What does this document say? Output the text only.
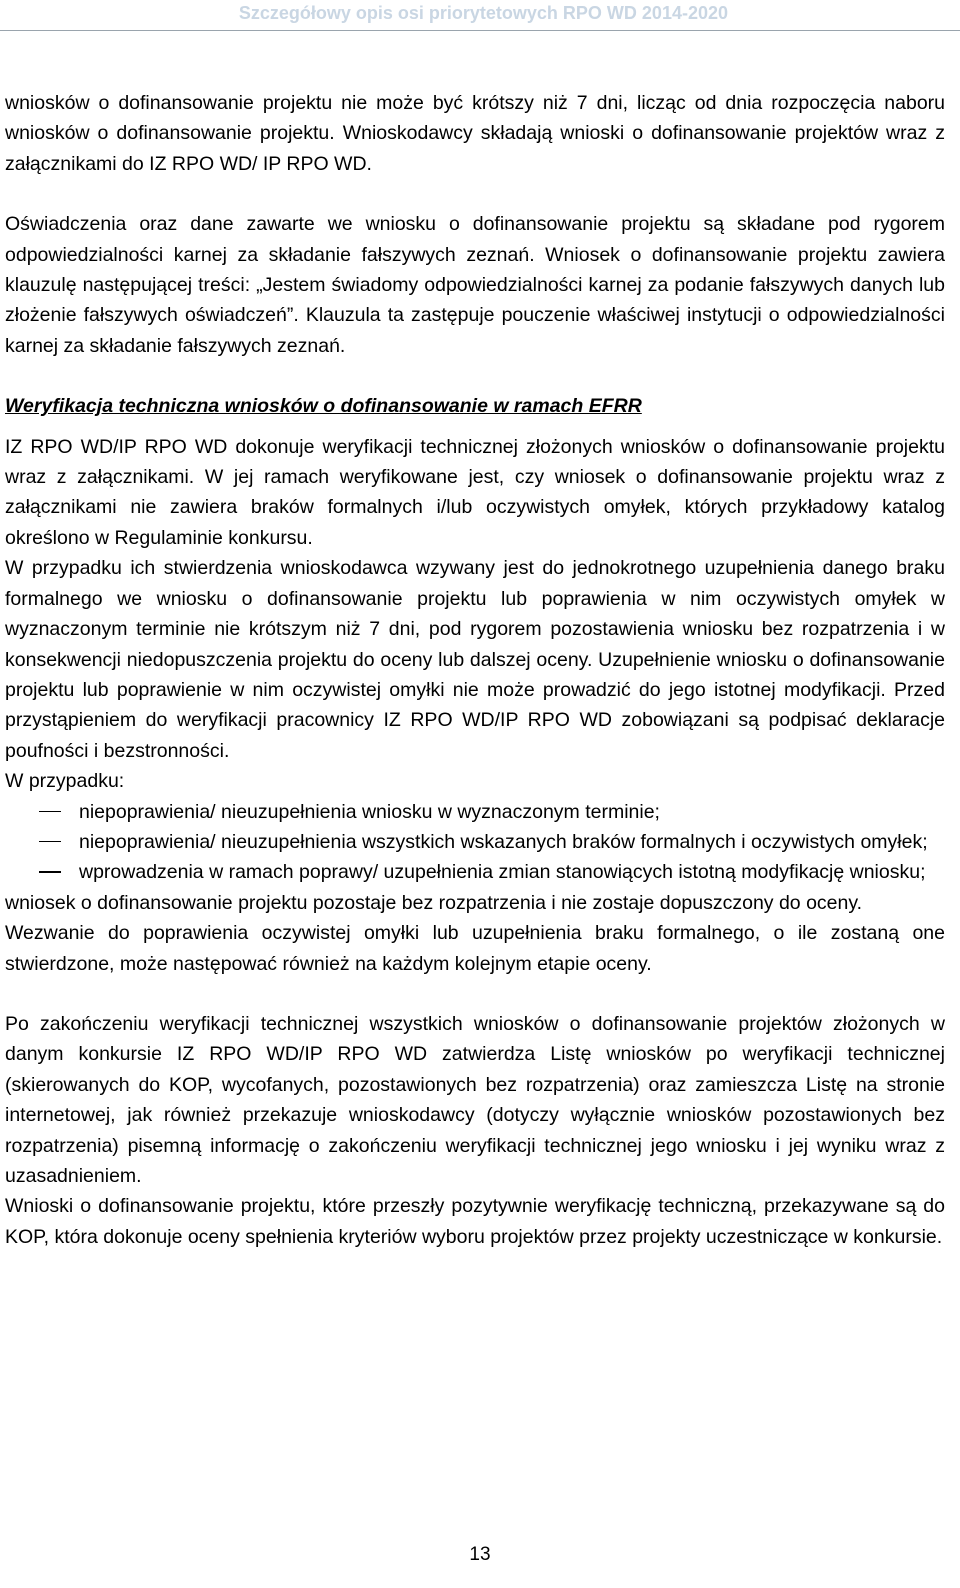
Szczegółowy opis osi priorytetowych RPO WD 2014-2020

wniosków o dofinansowanie projektu nie może być krótszy niż 7 dni, licząc od dnia rozpoczęcia naboru wniosków o dofinansowanie projektu. Wnioskodawcy składają wnioski o dofinansowanie projektów wraz z załącznikami do IZ RPO WD/ IP RPO WD.

Oświadczenia oraz dane zawarte we wniosku o dofinansowanie projektu są składane pod rygorem odpowiedzialności karnej za składanie fałszywych zeznań. Wniosek o dofinansowanie projektu zawiera klauzulę następującej treści: „Jestem świadomy odpowiedzialności karnej za podanie fałszywych danych lub złożenie fałszywych oświadczeń”. Klauzula ta zastępuje pouczenie właściwej instytucji o odpowiedzialności karnej za składanie fałszywych zeznań.

Weryfikacja techniczna wniosków o dofinansowanie w ramach EFRR

IZ RPO WD/IP RPO WD dokonuje weryfikacji technicznej złożonych wniosków o dofinansowanie projektu wraz z załącznikami. W jej ramach weryfikowane jest, czy wniosek o dofinansowanie projektu wraz z załącznikami nie zawiera braków formalnych i/lub oczywistych omyłek, których przykładowy katalog określono w Regulaminie konkursu.

W przypadku ich stwierdzenia wnioskodawca wzywany jest do jednokrotnego uzupełnienia danego braku formalnego we wniosku o dofinansowanie projektu lub poprawienia w nim oczywistych omyłek w wyznaczonym terminie nie krótszym niż 7 dni, pod rygorem pozostawienia wniosku bez rozpatrzenia i w konsekwencji niedopuszczenia projektu do oceny lub dalszej oceny. Uzupełnienie wniosku o dofinansowanie projektu lub poprawienie w nim oczywistej omyłki nie może prowadzić do jego istotnej modyfikacji. Przed przystąpieniem do weryfikacji pracownicy IZ RPO WD/IP RPO WD zobowiązani są podpisać deklaracje poufności i bezstronności.

W przypadku:

niepoprawienia/ nieuzupełnienia wniosku w wyznaczonym terminie;
niepoprawienia/ nieuzupełnienia wszystkich wskazanych braków formalnych i oczywistych omyłek;
wprowadzenia w ramach poprawy/ uzupełnienia zmian stanowiących istotną modyfikację wniosku;

wniosek o dofinansowanie projektu pozostaje bez rozpatrzenia i nie zostaje dopuszczony do oceny.

Wezwanie do poprawienia oczywistej omyłki lub uzupełnienia braku formalnego, o ile zostaną one stwierdzone, może następować również na każdym kolejnym etapie oceny.

Po zakończeniu weryfikacji technicznej wszystkich wniosków o dofinansowanie projektów złożonych w danym konkursie IZ RPO WD/IP RPO WD zatwierdza Listę wniosków po weryfikacji technicznej (skierowanych do KOP, wycofanych, pozostawionych bez rozpatrzenia) oraz zamieszcza Listę na stronie internetowej, jak również przekazuje wnioskodawcy (dotyczy wyłącznie wniosków pozostawionych bez rozpatrzenia) pisemną informację o zakończeniu weryfikacji technicznej jego wniosku i jej wyniku wraz z uzasadnieniem.

Wnioski o dofinansowanie projektu, które przeszły pozytywnie weryfikację techniczną, przekazywane są do KOP, która dokonuje oceny spełnienia kryteriów wyboru projektów przez projekty uczestniczące w konkursie.

13
